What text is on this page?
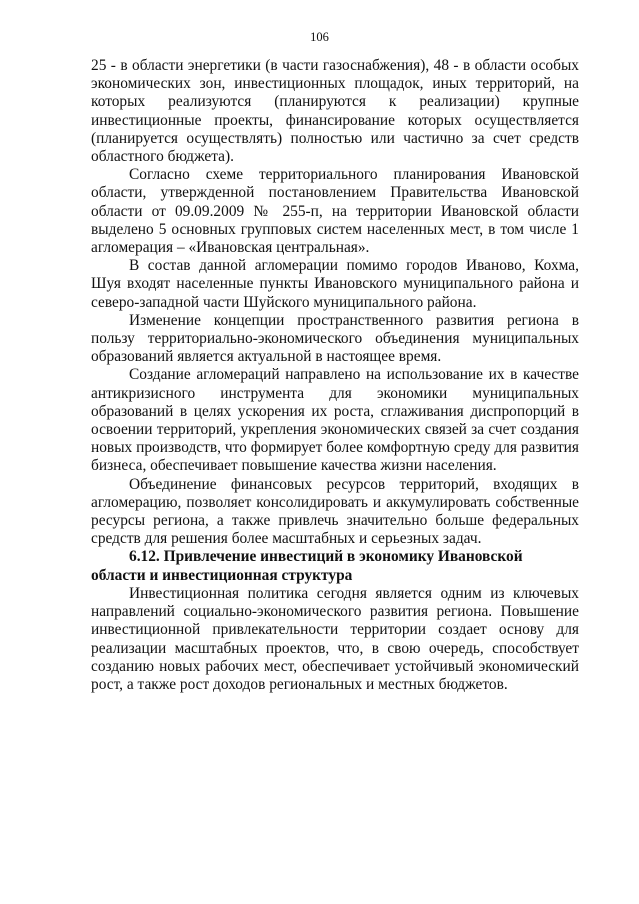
106

25 - в области энергетики (в части газоснабжения), 48 - в области особых экономических зон, инвестиционных площадок, иных территорий, на которых реализуются (планируются к реализации) крупные инвестиционные проекты, финансирование которых осуществляется (планируется осуществлять) полностью или частично за счет средств областного бюджета).

Согласно схеме территориального планирования Ивановской области, утвержденной постановлением Правительства Ивановской области от 09.09.2009 № 255-п, на территории Ивановской области выделено 5 основных групповых систем населенных мест, в том числе 1 агломерация – «Ивановская центральная».

В состав данной агломерации помимо городов Иваново, Кохма, Шуя входят населенные пункты Ивановского муниципального района и северо-западной части Шуйского муниципального района.

Изменение концепции пространственного развития региона в пользу территориально-экономического объединения муниципальных образований является актуальной в настоящее время.

Создание агломераций направлено на использование их в качестве антикризисного инструмента для экономики муниципальных образований в целях ускорения их роста, сглаживания диспропорций в освоении территорий, укрепления экономических связей за счет создания новых производств, что формирует более комфортную среду для развития бизнеса, обеспечивает повышение качества жизни населения.

Объединение финансовых ресурсов территорий, входящих в агломерацию, позволяет консолидировать и аккумулировать собственные ресурсы региона, а также привлечь значительно больше федеральных средств для решения более масштабных и серьезных задач.

6.12. Привлечение инвестиций в экономику Ивановской области и инвестиционная структура

Инвестиционная политика сегодня является одним из ключевых направлений социально-экономического развития региона. Повышение инвестиционной привлекательности территории создает основу для реализации масштабных проектов, что, в свою очередь, способствует созданию новых рабочих мест, обеспечивает устойчивый экономический рост, а также рост доходов региональных и местных бюджетов.
